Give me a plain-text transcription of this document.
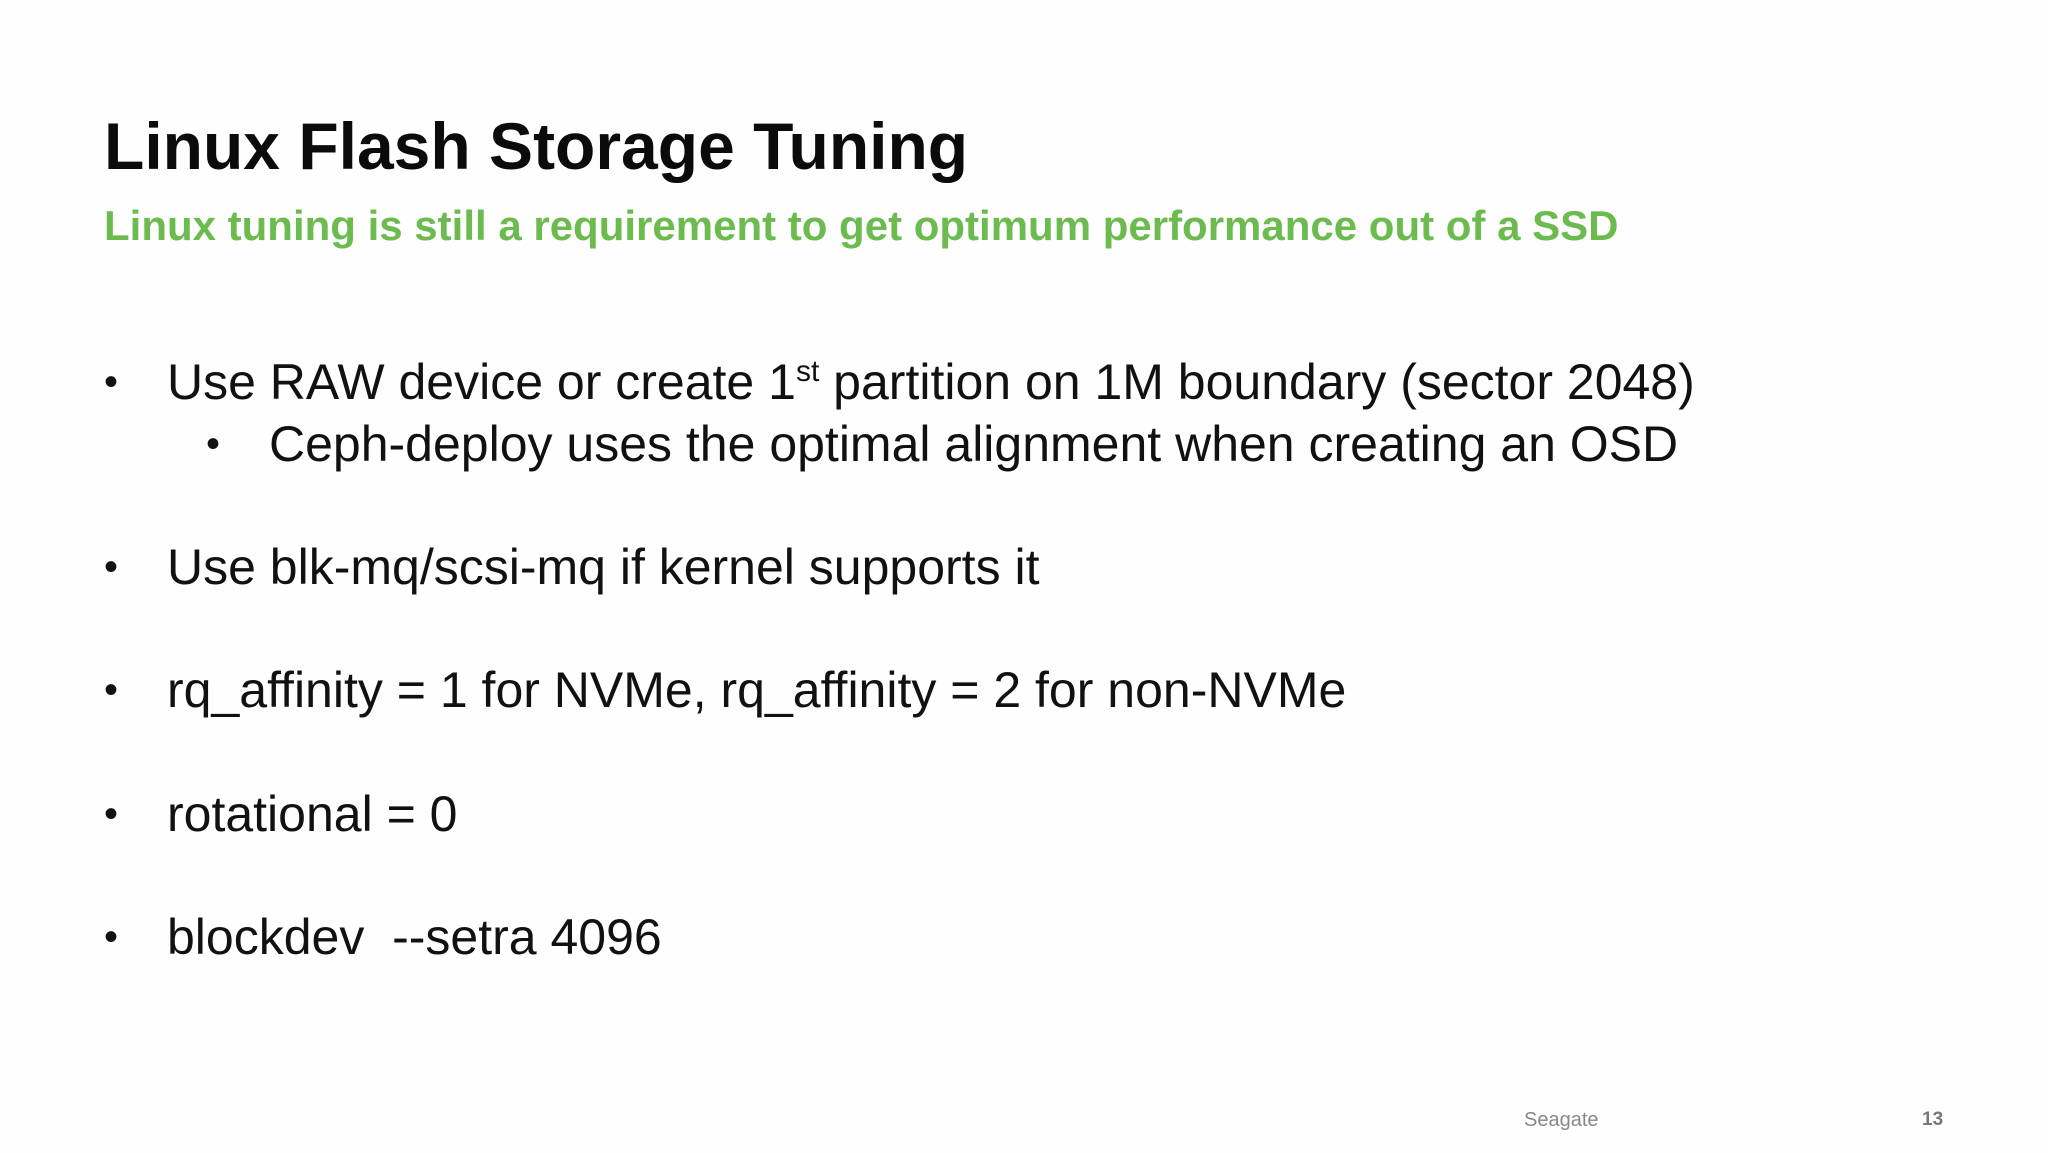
Linux Flash Storage Tuning
Linux tuning is still a requirement to get optimum performance out of a SSD
• Use RAW device or create 1st partition on 1M boundary (sector 2048)
• Ceph-deploy uses the optimal alignment when creating an OSD
• Use blk-mq/scsi-mq if kernel supports it
• rq_affinity = 1 for NVMe, rq_affinity = 2 for non-NVMe
• rotational = 0
• blockdev  --setra 4096
Seagate	13
